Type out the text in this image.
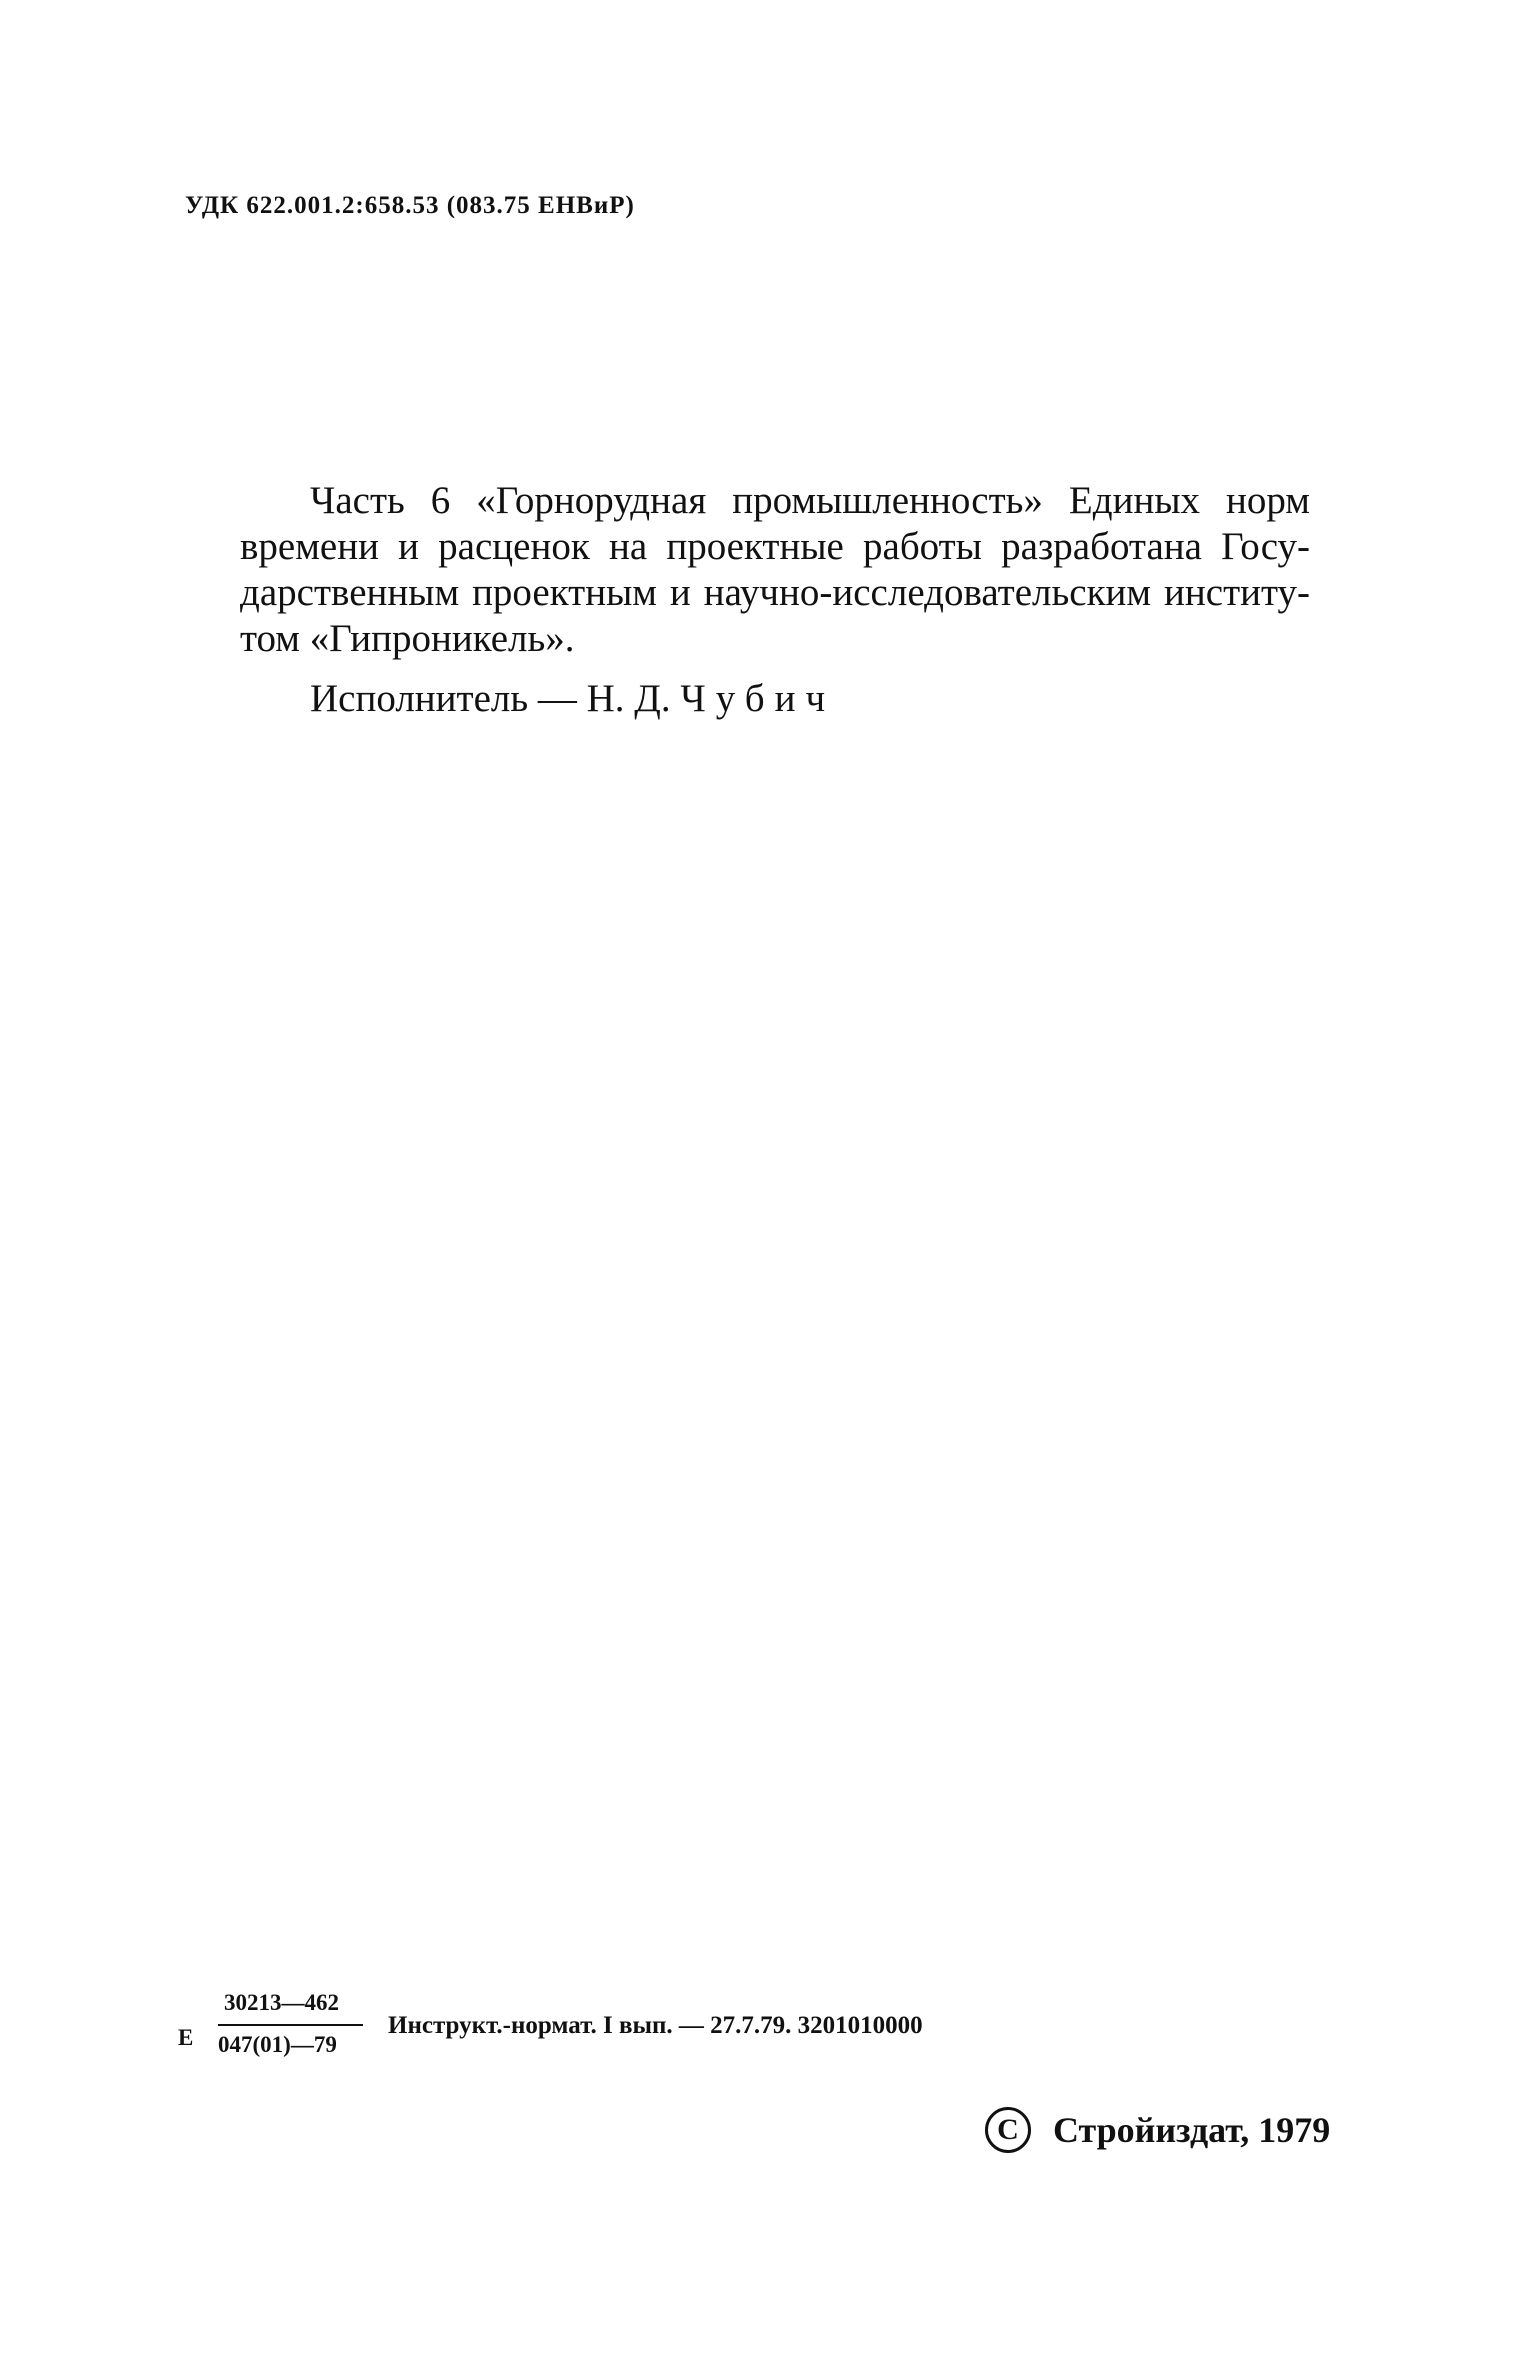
УДК 622.001.2:658.53 (083.75 ЕНВиР)
Часть 6 «Горнорудная промышленность» Единых норм
времени и расценок на проектные работы разработана Госу-
дарственным проектным и научно-исследовательским институ-
том «Гипроникель».
Исполнитель — Н. Д. Чубич
Е
30213—462
047(01)—79
Инструкт.-нормат. I вып. — 27.7.79. 3201010000
C Стройиздат, 1979
